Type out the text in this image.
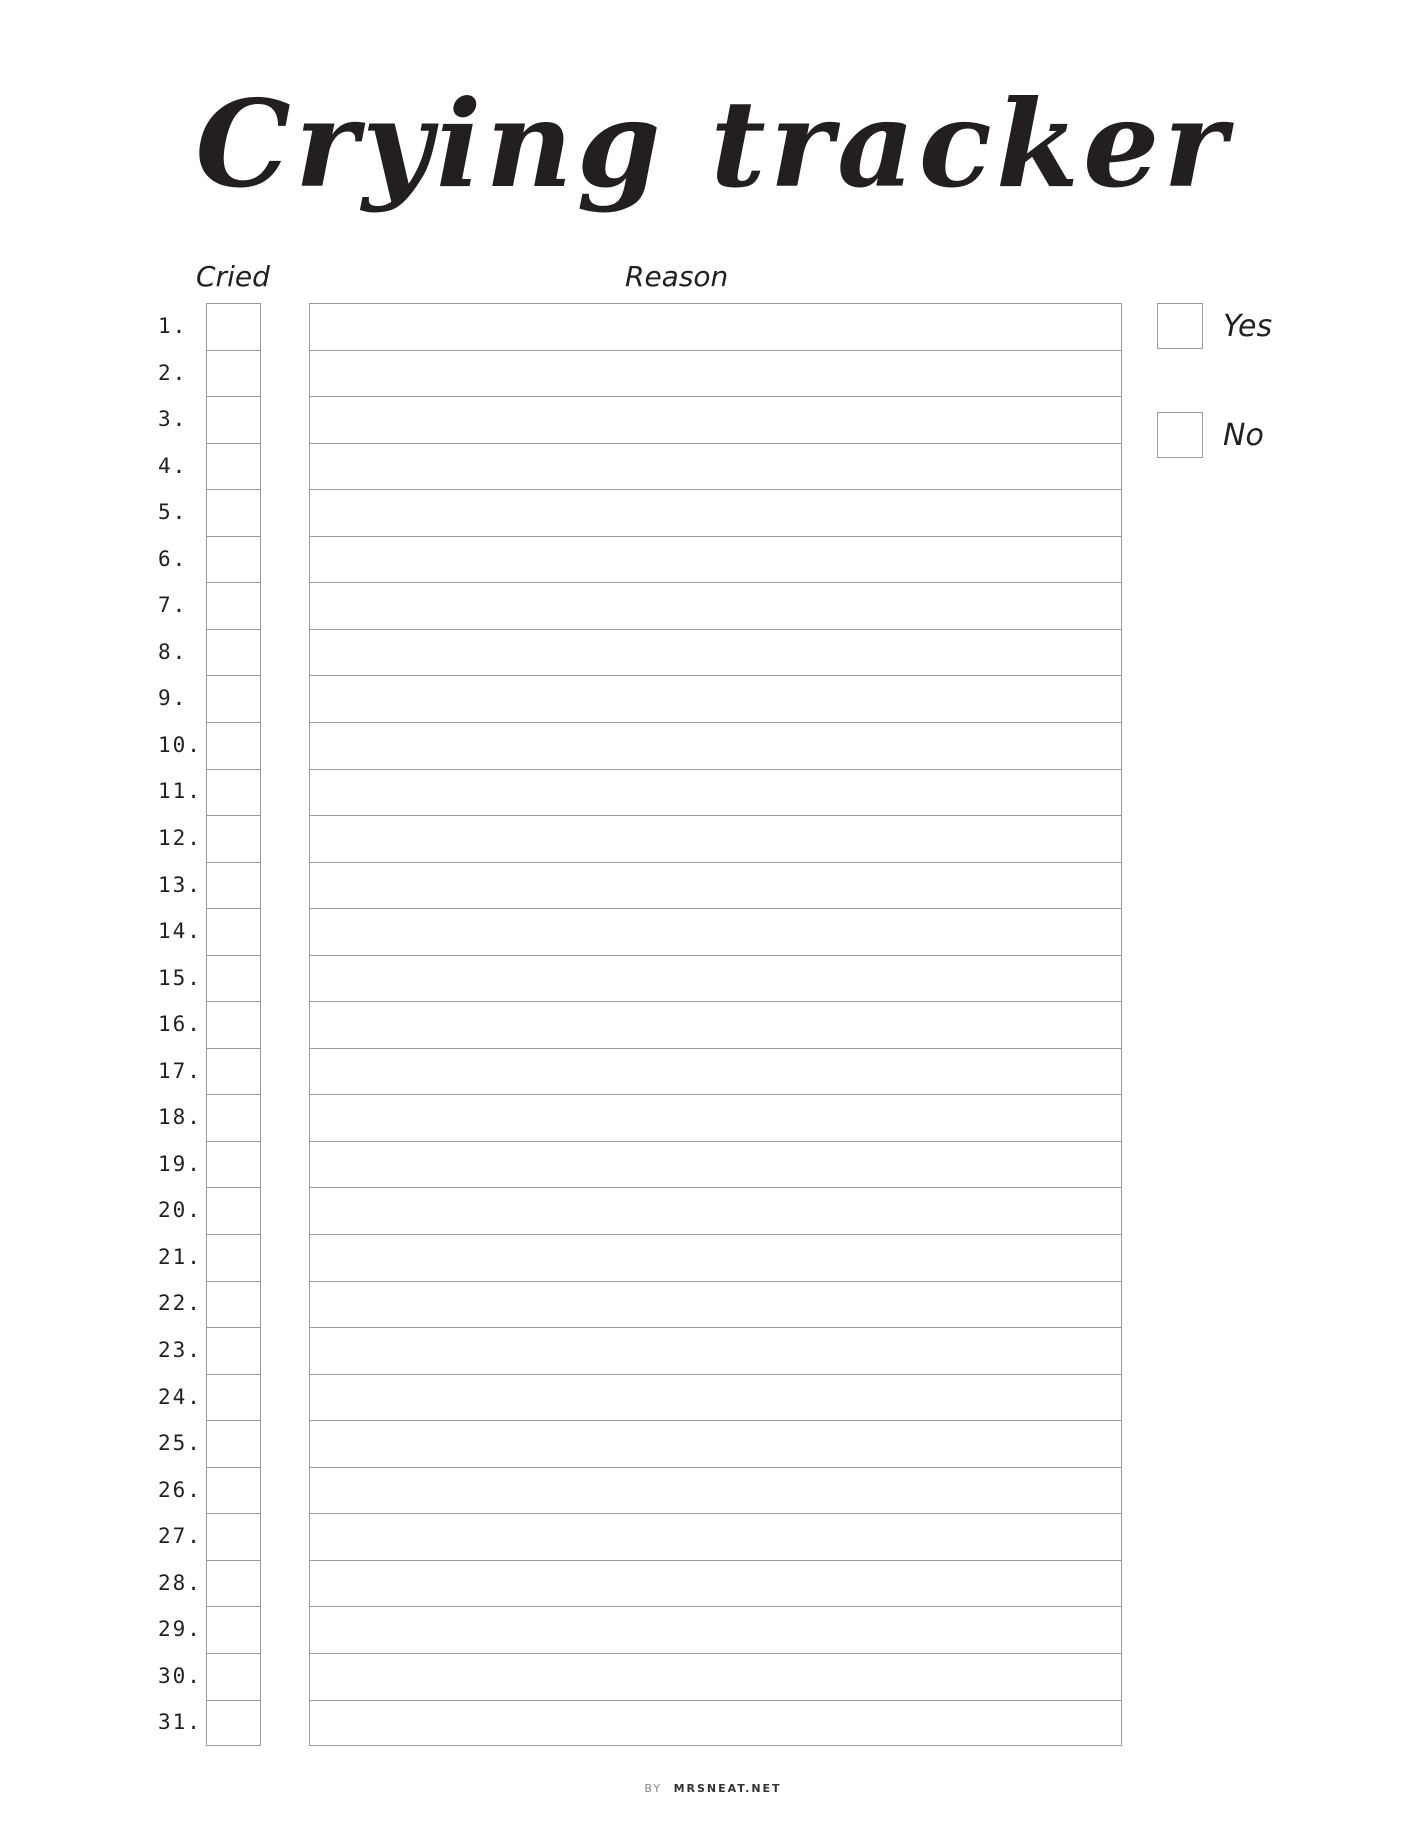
Crying tracker
Cried	Reason
1.
2.
3.
4.
5.
6.
7.
8.
9.
10.
11.
12.
13.
14.
15.
16.
17.
18.
19.
20.
21.
22.
23.
24.
25.
26.
27.
28.
29.
30.
31.
Yes
No
BY MRSNEAT.NET
